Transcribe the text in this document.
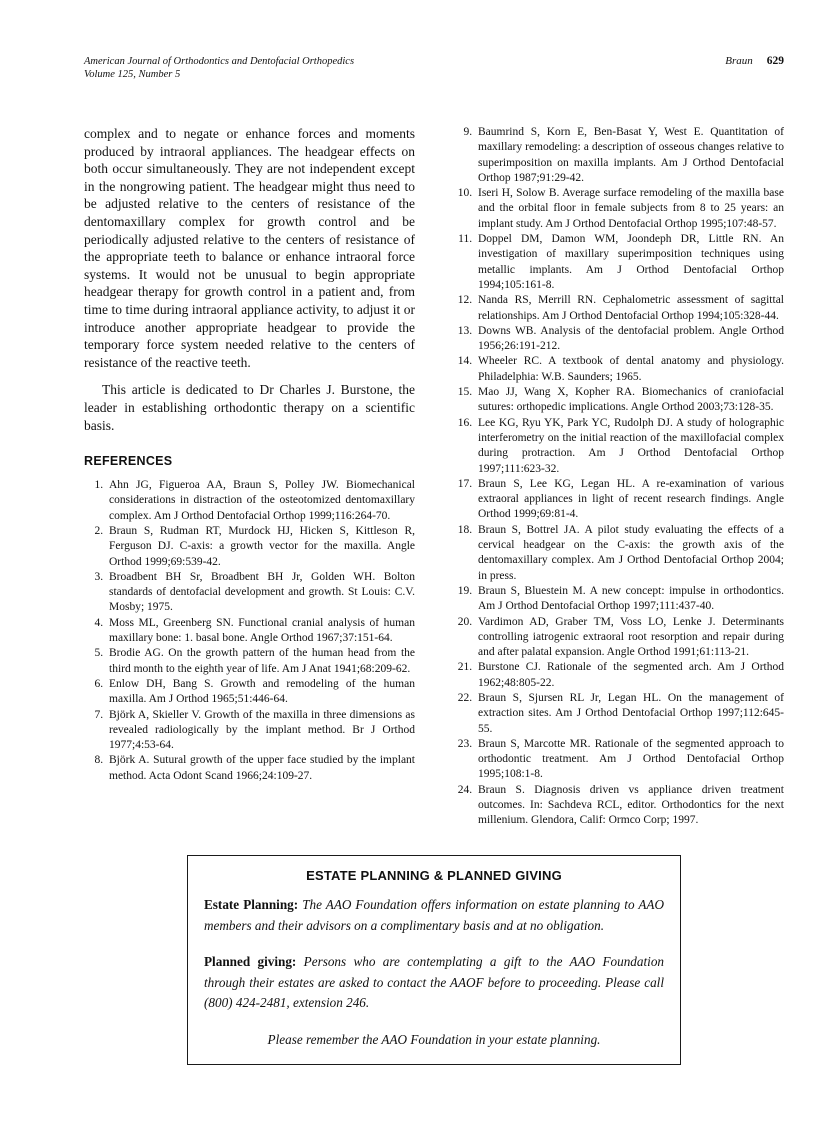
American Journal of Orthodontics and Dentofacial Orthopedics
Volume 125, Number 5
Braun 629

complex and to negate or enhance forces and moments produced by intraoral appliances. The headgear effects on both occur simultaneously. They are not independent except in the nongrowing patient. The headgear might thus need to be adjusted relative to the centers of resistance of the dentomaxillary complex for growth control and be periodically adjusted relative to the centers of resistance of the appropriate teeth to balance or enhance intraoral force systems. It would not be unusual to begin appropriate headgear therapy for growth control in a patient and, from time to time during intraoral appliance activity, to adjust it or introduce another appropriate headgear to provide the temporary force system needed relative to the centers of resistance of the reactive teeth.

This article is dedicated to Dr Charles J. Burstone, the leader in establishing orthodontic therapy on a scientific basis.

REFERENCES
1. Ahn JG, Figueroa AA, Braun S, Polley JW. Biomechanical considerations in distraction of the osteotomized dentomaxillary complex. Am J Orthod Dentofacial Orthop 1999;116:264-70.
2. Braun S, Rudman RT, Murdock HJ, Hicken S, Kittleson R, Ferguson DJ. C-axis: a growth vector for the maxilla. Angle Orthod 1999;69:539-42.
3. Broadbent BH Sr, Broadbent BH Jr, Golden WH. Bolton standards of dentofacial development and growth. St Louis: C.V. Mosby; 1975.
4. Moss ML, Greenberg SN. Functional cranial analysis of human maxillary bone: 1. basal bone. Angle Orthod 1967;37:151-64.
5. Brodie AG. On the growth pattern of the human head from the third month to the eighth year of life. Am J Anat 1941;68:209-62.
6. Enlow DH, Bang S. Growth and remodeling of the human maxilla. Am J Orthod 1965;51:446-64.
7. Björk A, Skieller V. Growth of the maxilla in three dimensions as revealed radiologically by the implant method. Br J Orthod 1977;4:53-64.
8. Björk A. Sutural growth of the upper face studied by the implant method. Acta Odont Scand 1966;24:109-27.
9. Baumrind S, Korn E, Ben-Basat Y, West E. Quantitation of maxillary remodeling: a description of osseous changes relative to superimposition on maxilla implants. Am J Orthod Dentofacial Orthop 1987;91:29-42.
10. Iseri H, Solow B. Average surface remodeling of the maxilla base and the orbital floor in female subjects from 8 to 25 years: an implant study. Am J Orthod Dentofacial Orthop 1995;107:48-57.
11. Doppel DM, Damon WM, Joondeph DR, Little RN. An investigation of maxillary superimposition techniques using metallic implants. Am J Orthod Dentofacial Orthop 1994;105:161-8.
12. Nanda RS, Merrill RN. Cephalometric assessment of sagittal relationships. Am J Orthod Dentofacial Orthop 1994;105:328-44.
13. Downs WB. Analysis of the dentofacial problem. Angle Orthod 1956;26:191-212.
14. Wheeler RC. A textbook of dental anatomy and physiology. Philadelphia: W.B. Saunders; 1965.
15. Mao JJ, Wang X, Kopher RA. Biomechanics of craniofacial sutures: orthopedic implications. Angle Orthod 2003;73:128-35.
16. Lee KG, Ryu YK, Park YC, Rudolph DJ. A study of holographic interferometry on the initial reaction of the maxillofacial complex during protraction. Am J Orthod Dentofacial Orthop 1997;111:623-32.
17. Braun S, Lee KG, Legan HL. A re-examination of various extraoral appliances in light of recent research findings. Angle Orthod 1999;69:81-4.
18. Braun S, Bottrel JA. A pilot study evaluating the effects of a cervical headgear on the C-axis: the growth axis of the dentomaxillary complex. Am J Orthod Dentofacial Orthop 2004; in press.
19. Braun S, Bluestein M. A new concept: impulse in orthodontics. Am J Orthod Dentofacial Orthop 1997;111:437-40.
20. Vardimon AD, Graber TM, Voss LO, Lenke J. Determinants controlling iatrogenic extraoral root resorption and repair during and after palatal expansion. Angle Orthod 1991;61:113-21.
21. Burstone CJ. Rationale of the segmented arch. Am J Orthod 1962;48:805-22.
22. Braun S, Sjursen RL Jr, Legan HL. On the management of extraction sites. Am J Orthod Dentofacial Orthop 1997;112:645-55.
23. Braun S, Marcotte MR. Rationale of the segmented approach to orthodontic treatment. Am J Orthod Dentofacial Orthop 1995;108:1-8.
24. Braun S. Diagnosis driven vs appliance driven treatment outcomes. In: Sachdeva RCL, editor. Orthodontics for the next millenium. Glendora, Calif: Ormco Corp; 1997.
ESTATE PLANNING & PLANNED GIVING

Estate Planning: The AAO Foundation offers information on estate planning to AAO members and their advisors on a complimentary basis and at no obligation.

Planned giving: Persons who are contemplating a gift to the AAO Foundation through their estates are asked to contact the AAOF before to proceeding. Please call (800) 424-2481, extension 246.

Please remember the AAO Foundation in your estate planning.
